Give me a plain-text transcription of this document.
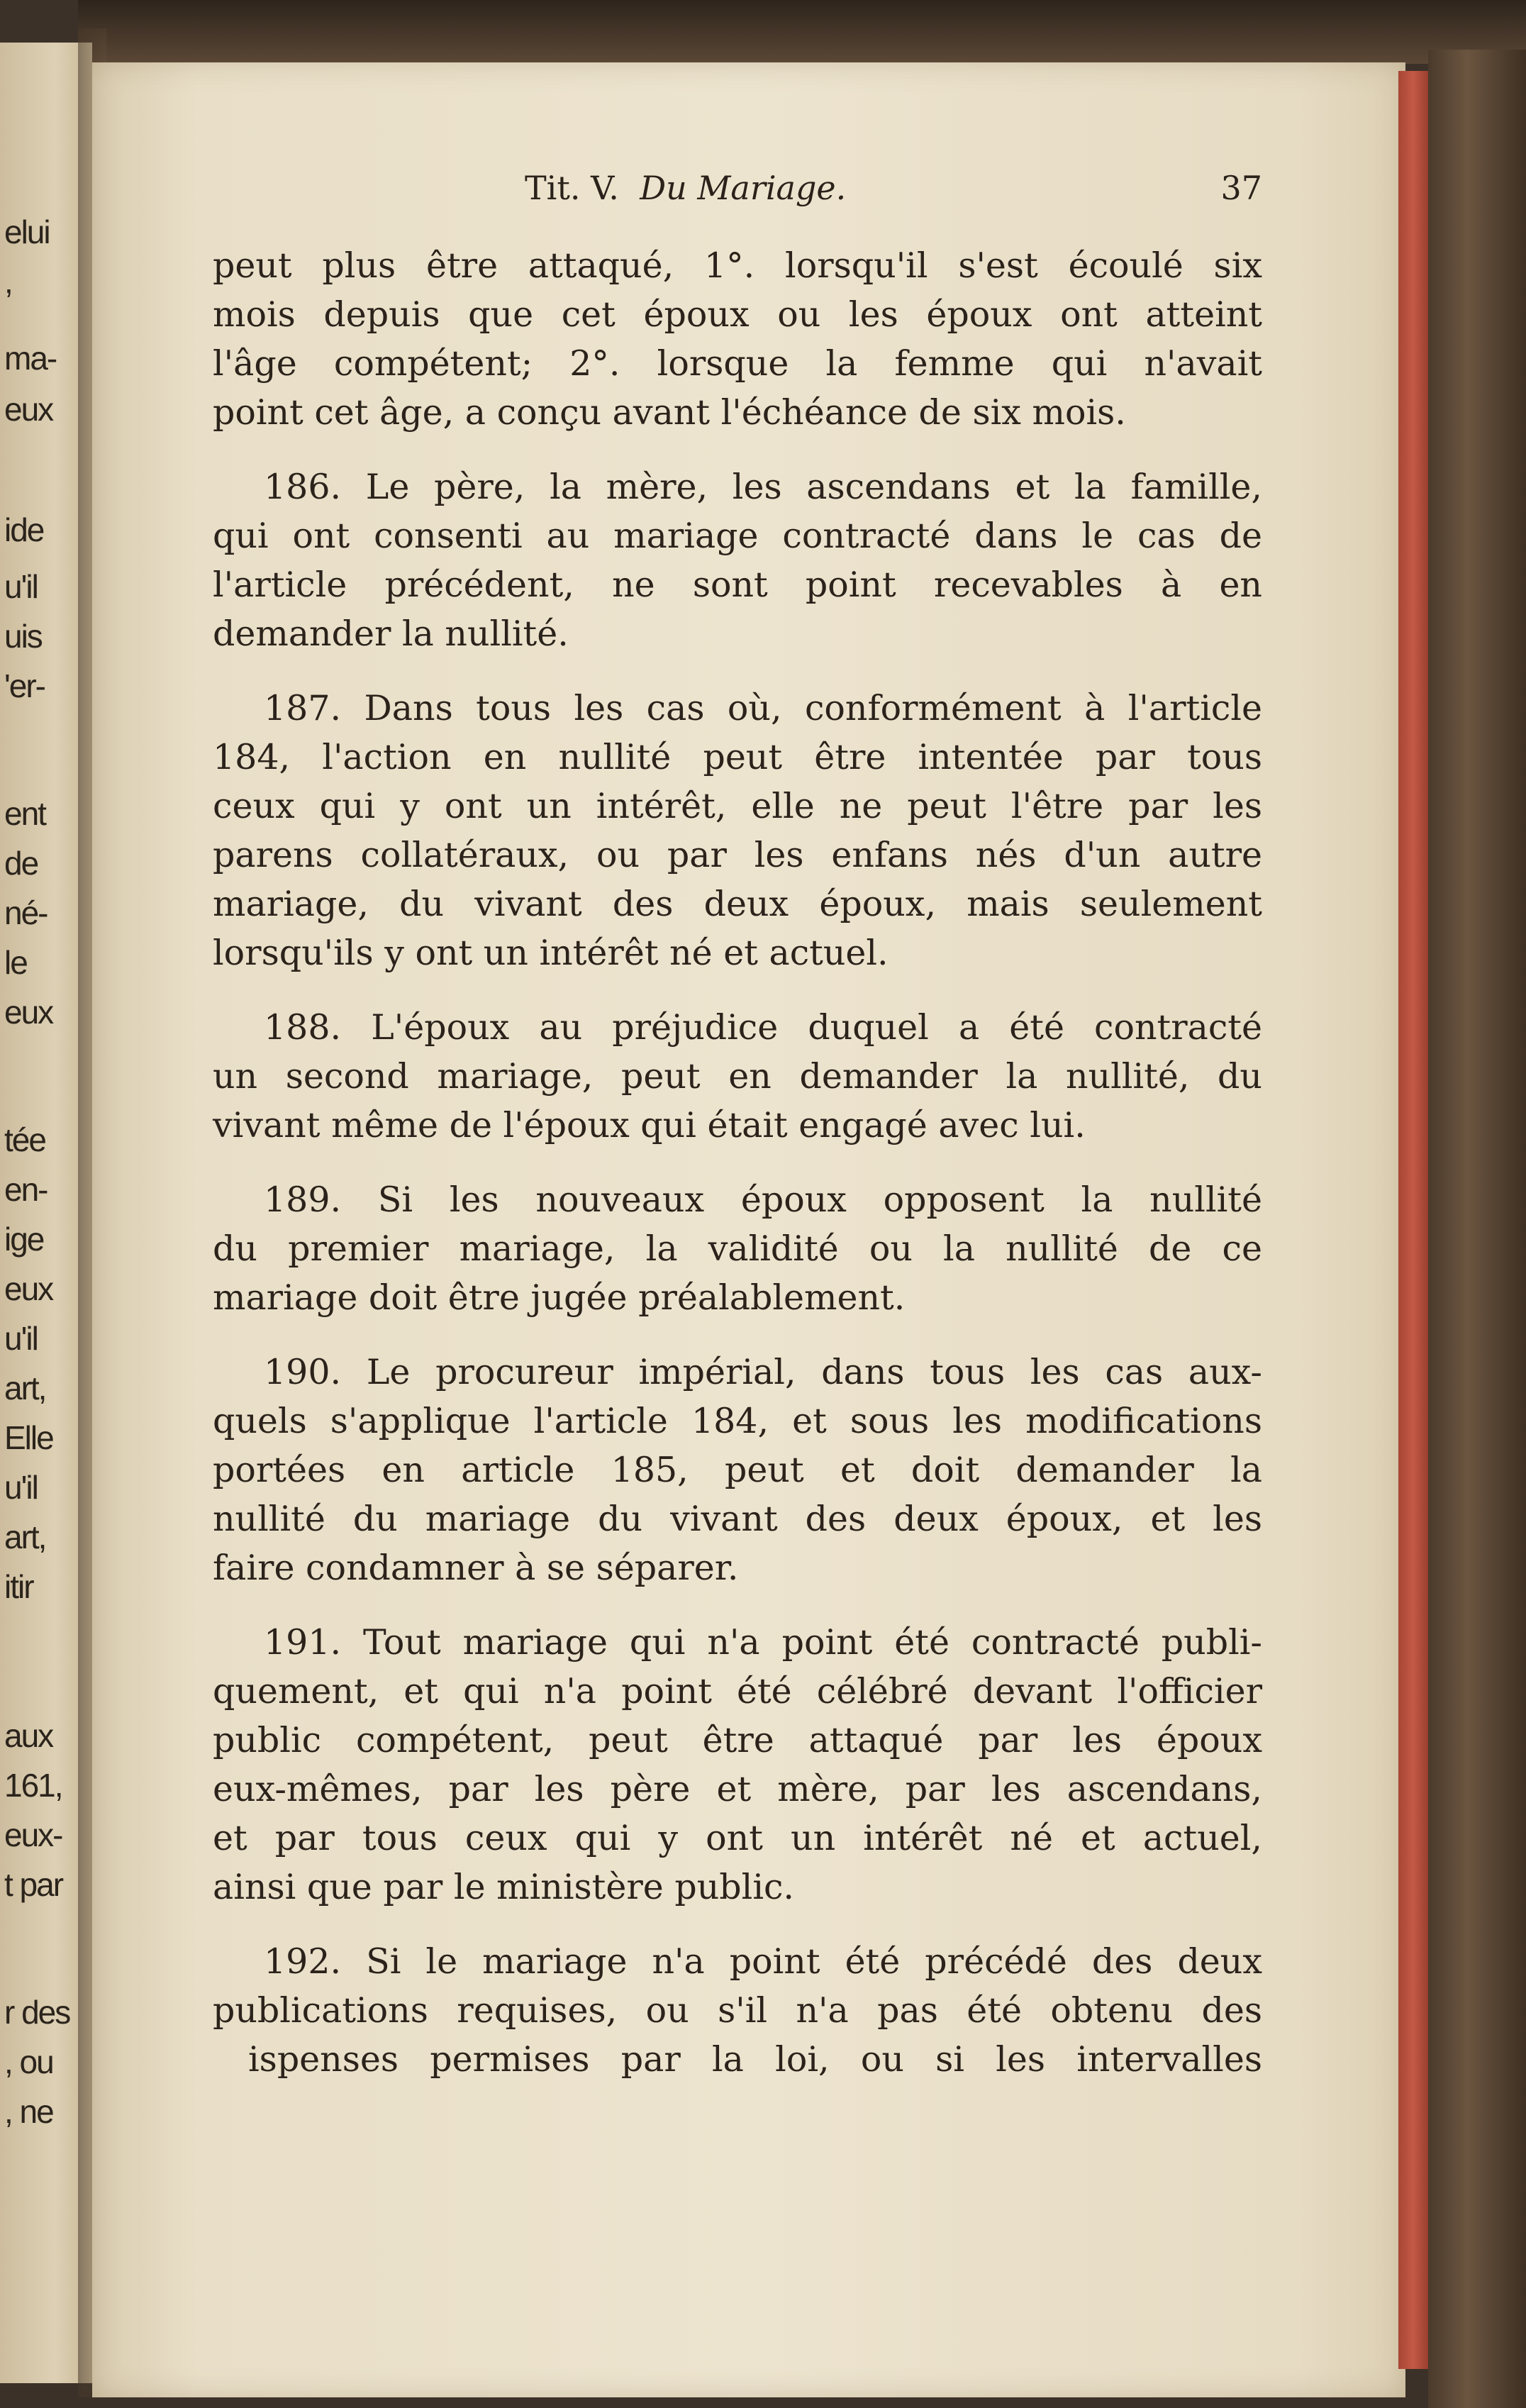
elui
,
ma-
eux
ide
u'il
uis
'er-
ent
de
né-
le
eux
tée
en-
ige
eux
u'il
art,
Elle
u'il
art,
itir
aux
161,
eux-
t par
r des
, ou
, ne
Tit. V. Du Mariage.	37
peut plus être attaqué, 1°. lorsqu'il s'est écoulé six
mois depuis que cet époux ou les époux ont atteint
l'âge compétent; 2°. lorsque la femme qui n'avait
point cet âge, a conçu avant l'échéance de six mois.
186. Le père, la mère, les ascendans et la famille,
qui ont consenti au mariage contracté dans le cas de
l'article précédent, ne sont point recevables à en
demander la nullité.
187. Dans tous les cas où, conformément à l'article
184, l'action en nullité peut être intentée par tous
ceux qui y ont un intérêt, elle ne peut l'être par les
parens collatéraux, ou par les enfans nés d'un autre
mariage, du vivant des deux époux, mais seulement
lorsqu'ils y ont un intérêt né et actuel.
188. L'époux au préjudice duquel a été contracté
un second mariage, peut en demander la nullité, du
vivant même de l'époux qui était engagé avec lui.
189. Si les nouveaux époux opposent la nullité
du premier mariage, la validité ou la nullité de ce
mariage doit être jugée préalablement.
190. Le procureur impérial, dans tous les cas aux-
quels s'applique l'article 184, et sous les modifications
portées en article 185, peut et doit demander la
nullité du mariage du vivant des deux époux, et les
faire condamner à se séparer.
191. Tout mariage qui n'a point été contracté publi-
quement, et qui n'a point été célébré devant l'officier
public compétent, peut être attaqué par les époux
eux-mêmes, par les père et mère, par les ascendans,
et par tous ceux qui y ont un intérêt né et actuel,
ainsi que par le ministère public.
192. Si le mariage n'a point été précédé des deux
publications requises, ou s'il n'a pas été obtenu des
ispenses permises par la loi, ou si les intervalles
